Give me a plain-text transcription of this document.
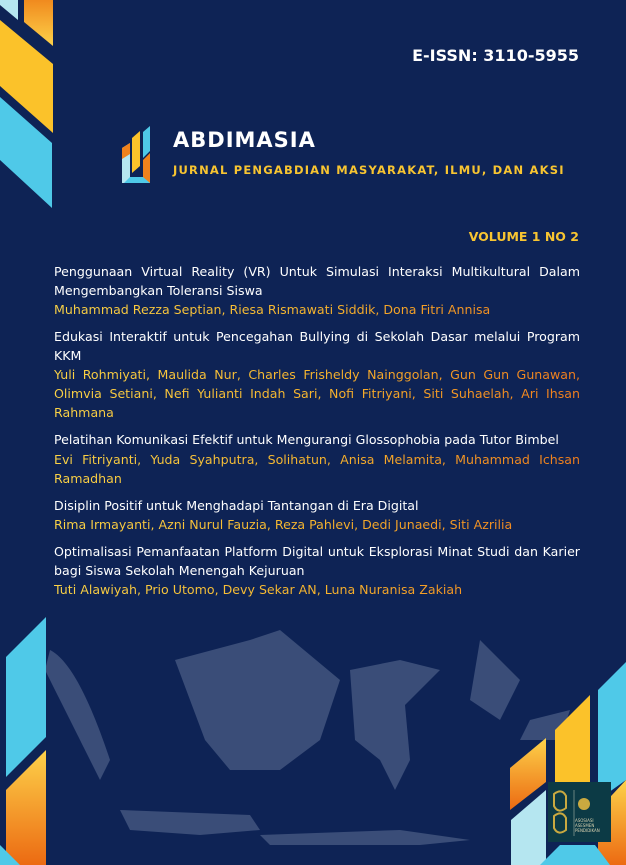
E-ISSN: 3110-5955
ABDIMASIA
JURNAL PENGABDIAN MASYARAKAT, ILMU, DAN AKSI
VOLUME 1 NO 2
Penggunaan Virtual Reality (VR) Untuk Simulasi Interaksi Multikultural Dalam Mengembangkan Toleransi Siswa
Muhammad Rezza Septian, Riesa Rismawati Siddik, Dona Fitri Annisa
Edukasi Interaktif untuk Pencegahan Bullying di Sekolah Dasar melalui Program KKM
Yuli Rohmiyati, Maulida Nur, Charles Frisheldy Nainggolan, Gun Gun Gunawan, Olimvia Setiani, Nefi Yulianti Indah Sari, Nofi Fitriyani, Siti Suhaelah, Ari Ihsan Rahmana
Pelatihan Komunikasi Efektif untuk Mengurangi Glossophobia pada Tutor Bimbel
Evi Fitriyanti, Yuda Syahputra, Solihatun, Anisa Melamita, Muhammad Ichsan Ramadhan
Disiplin Positif untuk Menghadapi Tantangan di Era Digital
Rima Irmayanti, Azni Nurul Fauzia, Reza Pahlevi, Dedi Junaedi, Siti Azrilia
Optimalisasi Pemanfaatan Platform Digital untuk Eksplorasi Minat Studi dan Karier bagi Siswa Sekolah Menengah Kejuruan
Tuti Alawiyah, Prio Utomo, Devy Sekar AN, Luna Nuranisa Zakiah
ASOSIASI ASESMEN PENDIDIKAN
